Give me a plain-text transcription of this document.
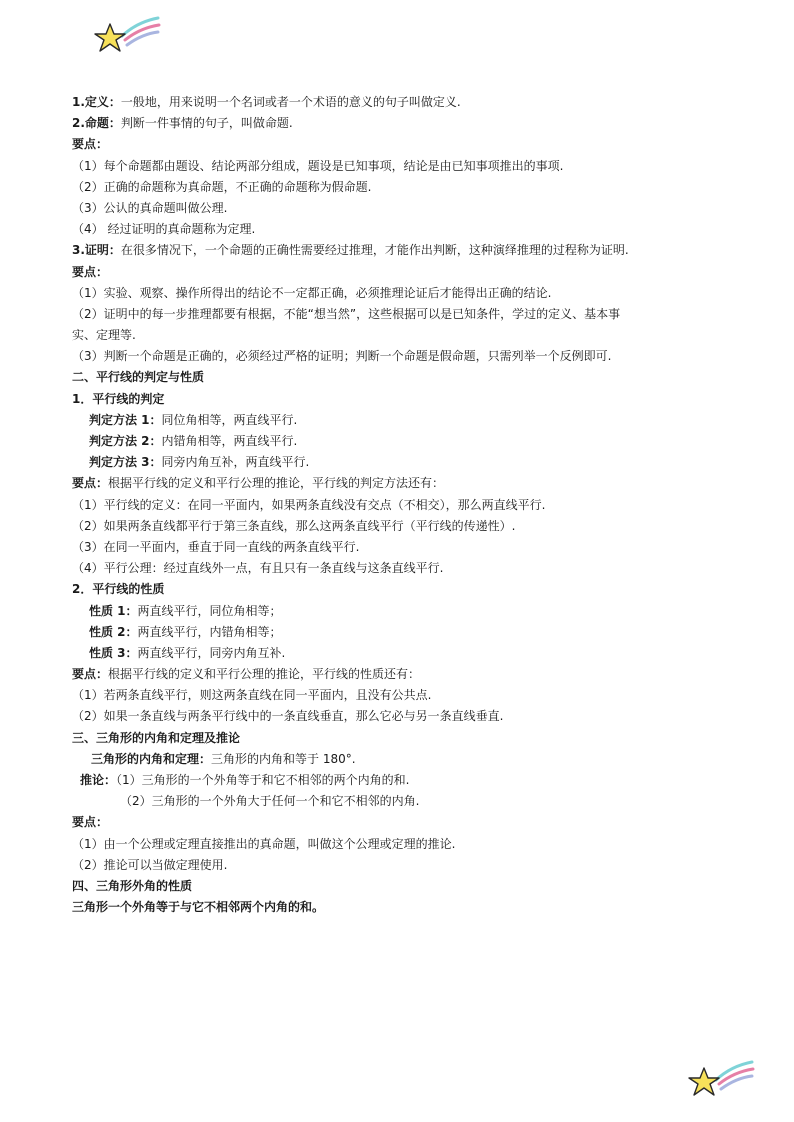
1.定义：一般地，用来说明一个名词或者一个术语的意义的句子叫做定义.
2.命题：判断一件事情的句子，叫做命题.
要点：
（1）每个命题都由题设、结论两部分组成，题设是已知事项，结论是由已知事项推出的事项.
（2）正确的命题称为真命题，不正确的命题称为假命题.
（3）公认的真命题叫做公理.
（4） 经过证明的真命题称为定理.
3.证明：在很多情况下，一个命题的正确性需要经过推理，才能作出判断，这种演绎推理的过程称为证明.
要点：
（1）实验、观察、操作所得出的结论不一定都正确，必须推理论证后才能得出正确的结论.
（2）证明中的每一步推理都要有根据，不能“想当然”，这些根据可以是已知条件，学过的定义、基本事
实、定理等.
（3）判断一个命题是正确的，必须经过严格的证明；判断一个命题是假命题，只需列举一个反例即可.
二、平行线的判定与性质
1．平行线的判定
判定方法 1：同位角相等，两直线平行.
判定方法 2：内错角相等，两直线平行.
判定方法 3：同旁内角互补，两直线平行.
要点：根据平行线的定义和平行公理的推论，平行线的判定方法还有：
（1）平行线的定义：在同一平面内，如果两条直线没有交点（不相交），那么两直线平行.
（2）如果两条直线都平行于第三条直线，那么这两条直线平行（平行线的传递性）.
（3）在同一平面内，垂直于同一直线的两条直线平行.
（4）平行公理：经过直线外一点，有且只有一条直线与这条直线平行.
2．平行线的性质
性质 1：两直线平行，同位角相等；
性质 2：两直线平行，内错角相等；
性质 3：两直线平行，同旁内角互补.
要点：根据平行线的定义和平行公理的推论，平行线的性质还有：
（1）若两条直线平行，则这两条直线在同一平面内，且没有公共点.
（2）如果一条直线与两条平行线中的一条直线垂直，那么它必与另一条直线垂直.
三、三角形的内角和定理及推论
三角形的内角和定理：三角形的内角和等于 180°.
推论：（1）三角形的一个外角等于和它不相邻的两个内角的和.
（2）三角形的一个外角大于任何一个和它不相邻的内角.
要点：
（1）由一个公理或定理直接推出的真命题，叫做这个公理或定理的推论.
（2）推论可以当做定理使用.
四、三角形外角的性质
三角形一个外角等于与它不相邻两个内角的和。
